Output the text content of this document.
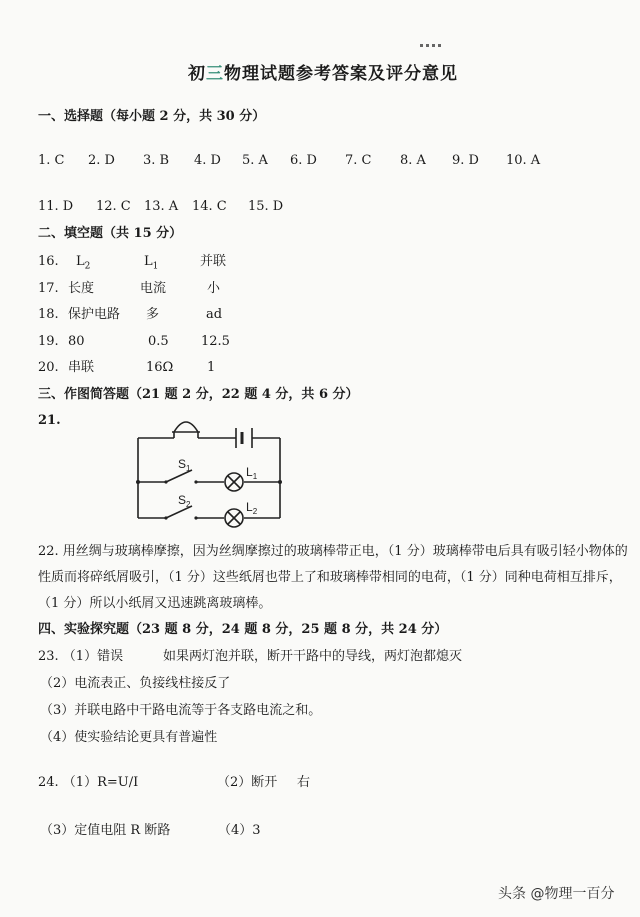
初三物理试题参考答案及评分意见
一、选择题（每小题 2 分，共 30 分）
1. C 2. D 3. B 4. D 5. A 6. D 7. C 8. A 9. D 10. A
11. D 12. C 13. A 14. C 15. D
二、填空题（共 15 分）
16. $L_2$	$L_1$	并联
17. 长度	电流	小
18. 保护电路 多	ad
19. 80	0.5 12.5
20. 串联	16Ω	1
三、作图简答题（21 题 2 分，22 题 4 分，共 6 分）
21.
$S_1$
$S_2$
$L_1$
$L_2$
22. 用丝绸与玻璃棒摩擦，因为丝绸摩擦过的玻璃棒带正电，（1 分）玻璃棒带电后具有吸引轻小物体的性质而将碎纸屑吸引，（1 分）这些纸屑也带上了和玻璃棒带相同的电荷，（1 分）同种电荷相互排斥，（1 分）所以小纸屑又迅速跳离玻璃棒。
四、实验探究题（23 题 8 分，24 题 8 分，25 题 8 分，共 24 分）
23. （1）错误	如果两灯泡并联，断开干路中的导线，两灯泡都熄灭
（2）电流表正、负接线柱接反了
（3）并联电路中干路电流等于各支路电流之和。
（4）使实验结论更具有普遍性
24. （1）R=U/I	（2）断开 右
（3）定值电阻 R 断路	（4）3
头条 @物理一百分
